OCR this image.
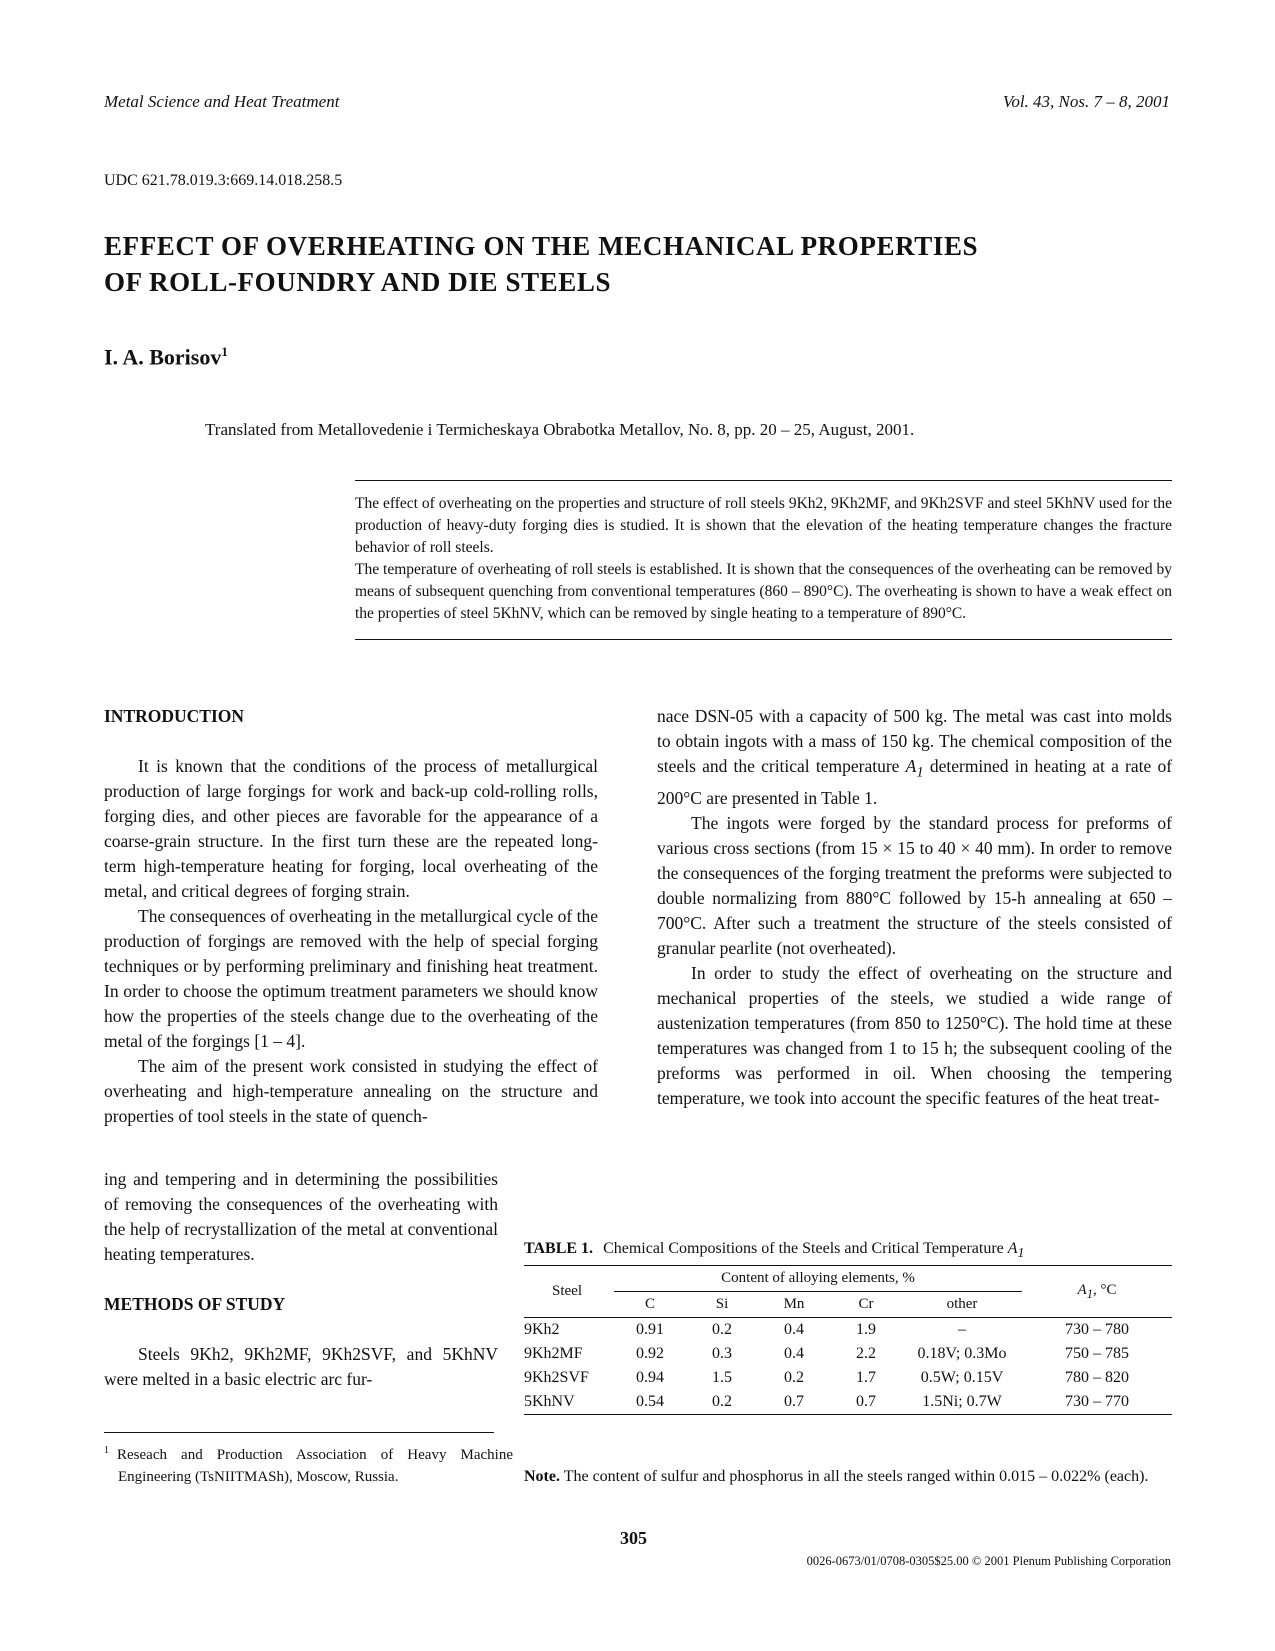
Metal Science and Heat Treatment	Vol. 43, Nos. 7 – 8, 2001
UDC 621.78.019.3:669.14.018.258.5
EFFECT OF OVERHEATING ON THE MECHANICAL PROPERTIES
OF ROLL-FOUNDRY AND DIE STEELS
I. A. Borisov$^1$
Translated from Metallovedenie i Termicheskaya Obrabotka Metallov, No. 8, pp. 20 – 25, August, 2001.

The effect of overheating on the properties and structure of roll steels 9Kh2, 9Kh2MF, and 9Kh2SVF and steel 5KhNV used for the production of heavy-duty forging dies is studied. It is shown that the elevation of the heating temperature changes the fracture behavior of roll steels.

The temperature of overheating of roll steels is established. It is shown that the consequences of the overheating can be removed by means of subsequent quenching from conventional temperatures (860 – 890°C). The overheating is shown to have a weak effect on the properties of steel 5KhNV, which can be removed by single heating to a temperature of 890°C.

INTRODUCTION

It is known that the conditions of the process of metallurgical production of large forgings for work and back-up cold-rolling rolls, forging dies, and other pieces are favorable for the appearance of a coarse-grain structure. In the first turn these are the repeated long-term high-temperature heating for forging, local overheating of the metal, and critical degrees of forging strain.

The consequences of overheating in the metallurgical cycle of the production of forgings are removed with the help of special forging techniques or by performing preliminary and finishing heat treatment. In order to choose the optimum treatment parameters we should know how the properties of the steels change due to the overheating of the metal of the forgings [1 – 4].

The aim of the present work consisted in studying the effect of overheating and high-temperature annealing on the structure and properties of tool steels in the state of quench-

ing and tempering and in determining the possibilities of removing the consequences of the overheating with the help of recrystallization of the metal at conventional heating temperatures.

METHODS OF STUDY

Steels 9Kh2, 9Kh2MF, 9Kh2SVF, and 5KhNV were melted in a basic electric arc fur-

$^1$ Reseach and Production Association of Heavy Machine Engineering (TsNIITMASh), Moscow, Russia.

nace DSN-05 with a capacity of 500 kg. The metal was cast into molds to obtain ingots with a mass of 150 kg. The chemical composition of the steels and the critical temperature $A_1$ determined in heating at a rate of 200°C are presented in Table 1.

The ingots were forged by the standard process for preforms of various cross sections (from 15 × 15 to 40 × 40 mm). In order to remove the consequences of the forging treatment the preforms were subjected to double normalizing from 880°C followed by 15-h annealing at 650 – 700°C. After such a treatment the structure of the steels consisted of granular pearlite (not overheated).

In order to study the effect of overheating on the structure and mechanical properties of the steels, we studied a wide range of austenization temperatures (from 850 to 1250°C). The hold time at these temperatures was changed from 1 to 15 h; the subsequent cooling of the preforms was performed in oil. When choosing the tempering temperature, we took into account the specific features of the heat treat-

TABLE 1. Chemical Compositions of the Steels and Critical Temperature $A_1$
Steel	Content of alloying elements, %					$A_1$, °C
	C	Si	Mn	Cr	other	
9Kh2	0.91	0.2	0.4	1.9	–	730 – 780
9Kh2MF	0.92	0.3	0.4	2.2	0.18V; 0.3Mo	750 – 785
9Kh2SVF	0.94	1.5	0.2	1.7	0.5W; 0.15V	780 – 820
5KhNV	0.54	0.2	0.7	0.7	1.5Ni; 0.7W	730 – 770
Note. The content of sulfur and phosphorus in all the steels ranged within 0.015 – 0.022% (each).
305
0026-0673/01/0708-0305$25.00 © 2001 Plenum Publishing Corporation
